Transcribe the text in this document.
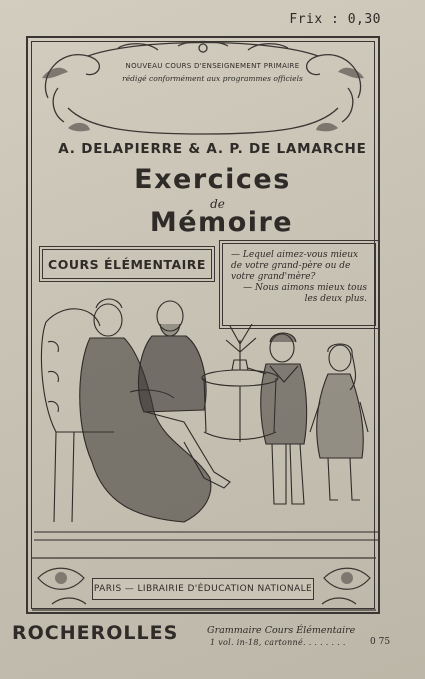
Frix : 0,30
NOUVEAU COURS D'ENSEIGNEMENT PRIMAIRE
rédigé conformément aux programmes officiels
A. DELAPIERRE & A. P. DE LAMARCHE
Exercices
de
Mémoire
COURS ÉLÉMENTAIRE

— Lequel aimez-vous mieux de votre grand-père ou de votre grand'mère?

— Nous aimons mieux tous les deux plus.

PARIS — LIBRAIRIE D'ÉDUCATION NATIONALE
ROCHEROLLES	Grammaire Cours Élémentaire
1 vol. in-18, cartonné. . . . . . . .	0 75
